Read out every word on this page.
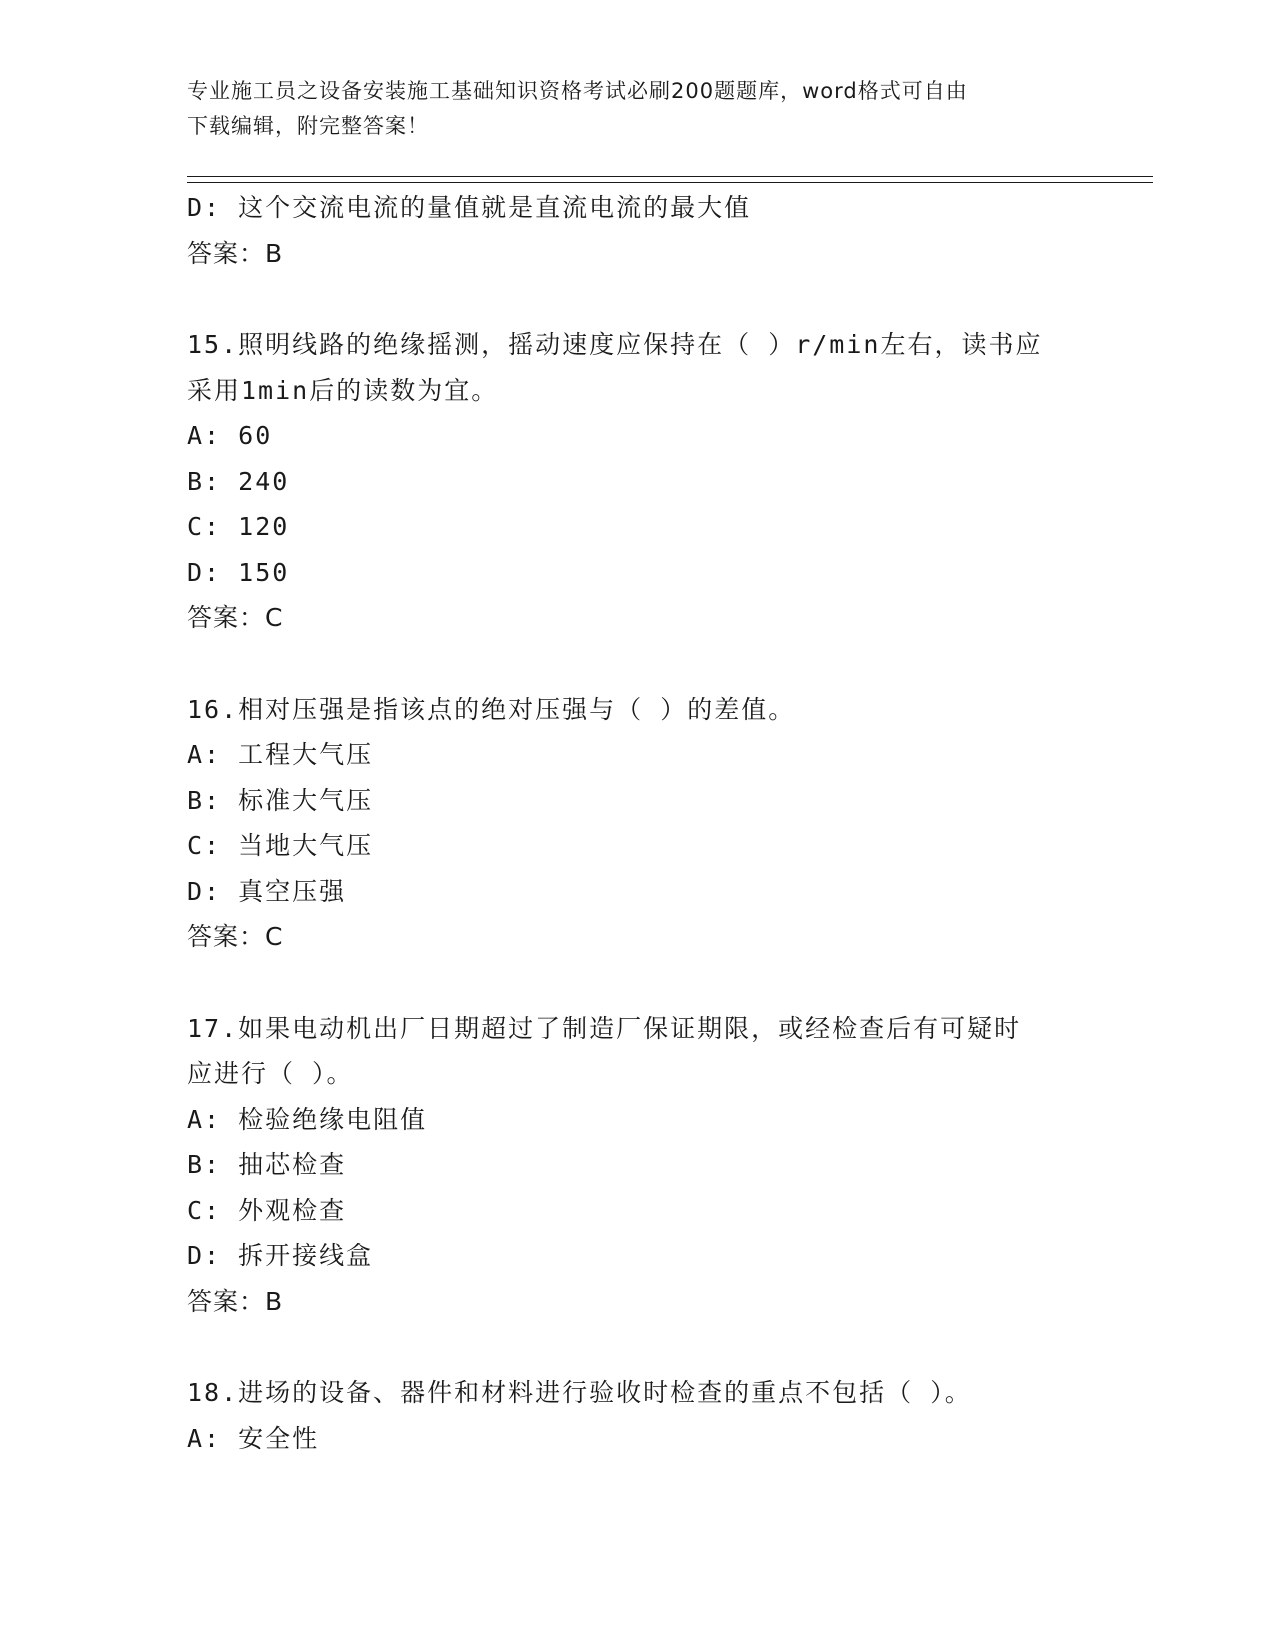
专业施工员之设备安装施工基础知识资格考试必刷200题题库，word格式可自由
下载编辑，附完整答案！
D: 这个交流电流的量值就是直流电流的最大值
答案：B
15.照明线路的绝缘摇测，摇动速度应保持在（ ）r/min左右，读书应
采用1min后的读数为宜。
A: 60
B: 240
C: 120
D: 150
答案：C
16.相对压强是指该点的绝对压强与（ ）的差值。
A: 工程大气压
B: 标准大气压
C: 当地大气压
D: 真空压强
答案：C
17.如果电动机出厂日期超过了制造厂保证期限，或经检查后有可疑时
应进行（ ）。
A: 检验绝缘电阻值
B: 抽芯检查
C: 外观检查
D: 拆开接线盒
答案：B
18.进场的设备、器件和材料进行验收时检查的重点不包括（ ）。
A: 安全性
